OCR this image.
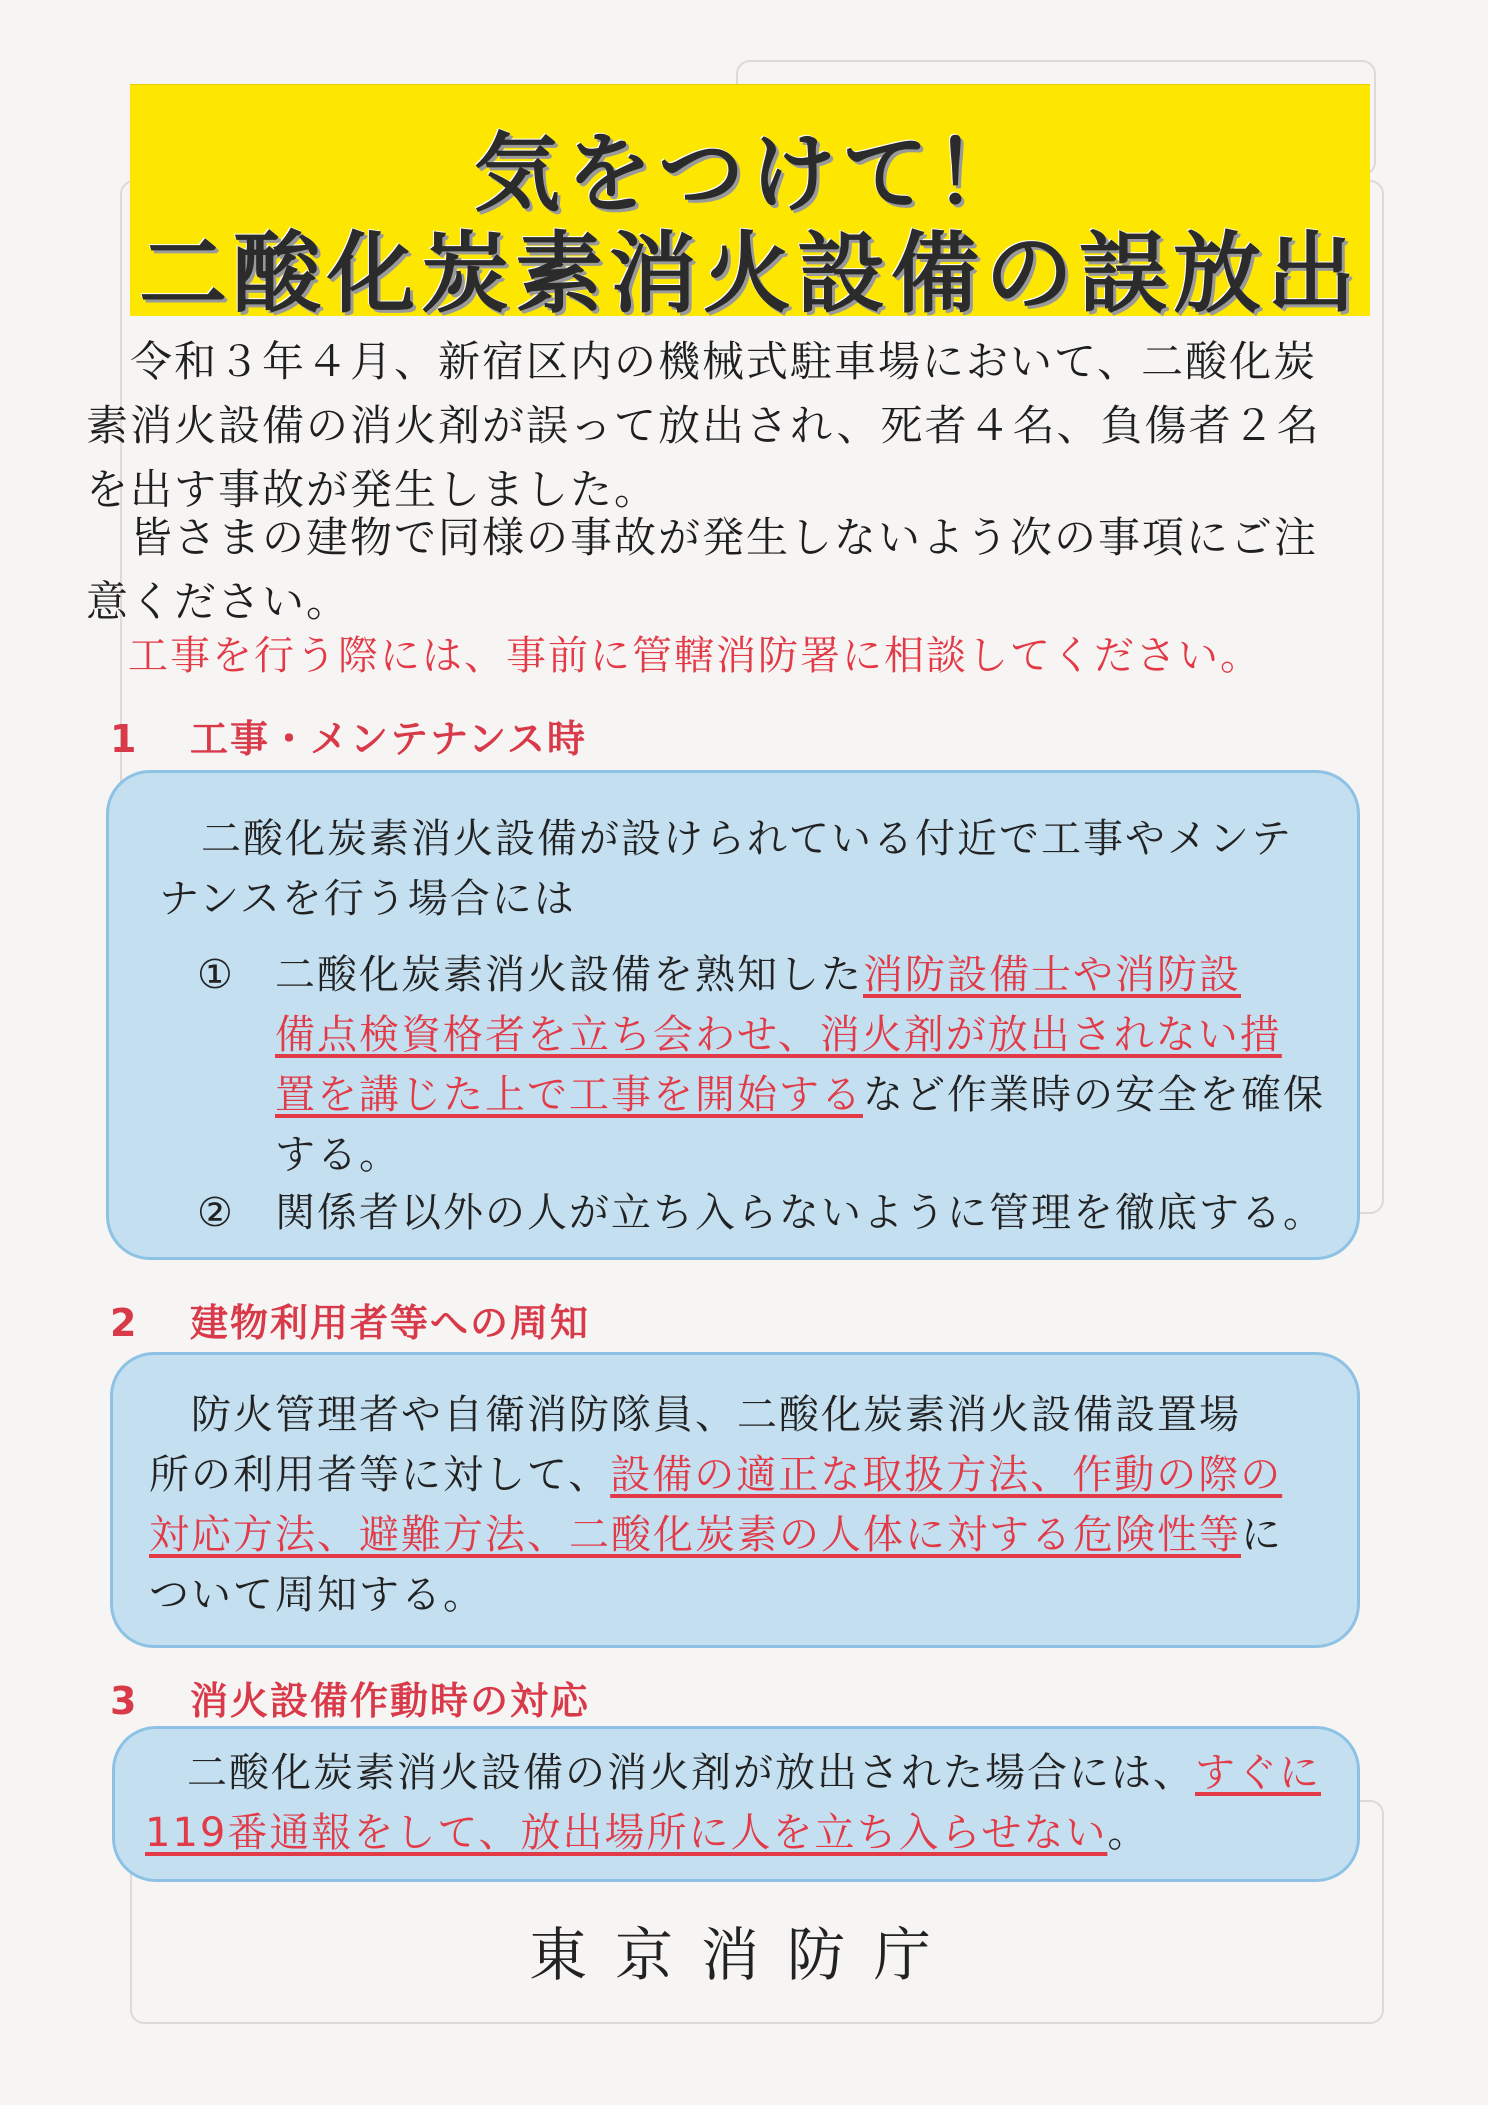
気をつけて！
二酸化炭素消火設備の誤放出
　令和３年４月、新宿区内の機械式駐車場において、二酸化炭
素消火設備の消火剤が誤って放出され、死者４名、負傷者２名
を出す事故が発生しました。
　皆さまの建物で同様の事故が発生しないよう次の事項にご注
意ください。
工事を行う際には、事前に管轄消防署に相談してください。
1 工事・メンテナンス時
　二酸化炭素消火設備が設けられている付近で工事やメンテ
ナンスを行う場合には
①	二酸化炭素消火設備を熟知した消防設備士や消防設
備点検資格者を立ち会わせ、消火剤が放出されない措
置を講じた上で工事を開始するなど作業時の安全を確保
する。
②	関係者以外の人が立ち入らないように管理を徹底する。
2 建物利用者等への周知
　防火管理者や自衛消防隊員、二酸化炭素消火設備設置場
所の利用者等に対して、設備の適正な取扱方法、作動の際の
対応方法、避難方法、二酸化炭素の人体に対する危険性等に
ついて周知する。
3 消火設備作動時の対応
　二酸化炭素消火設備の消火剤が放出された場合には、すぐに
119番通報をして、放出場所に人を立ち入らせない。
東京消防庁
